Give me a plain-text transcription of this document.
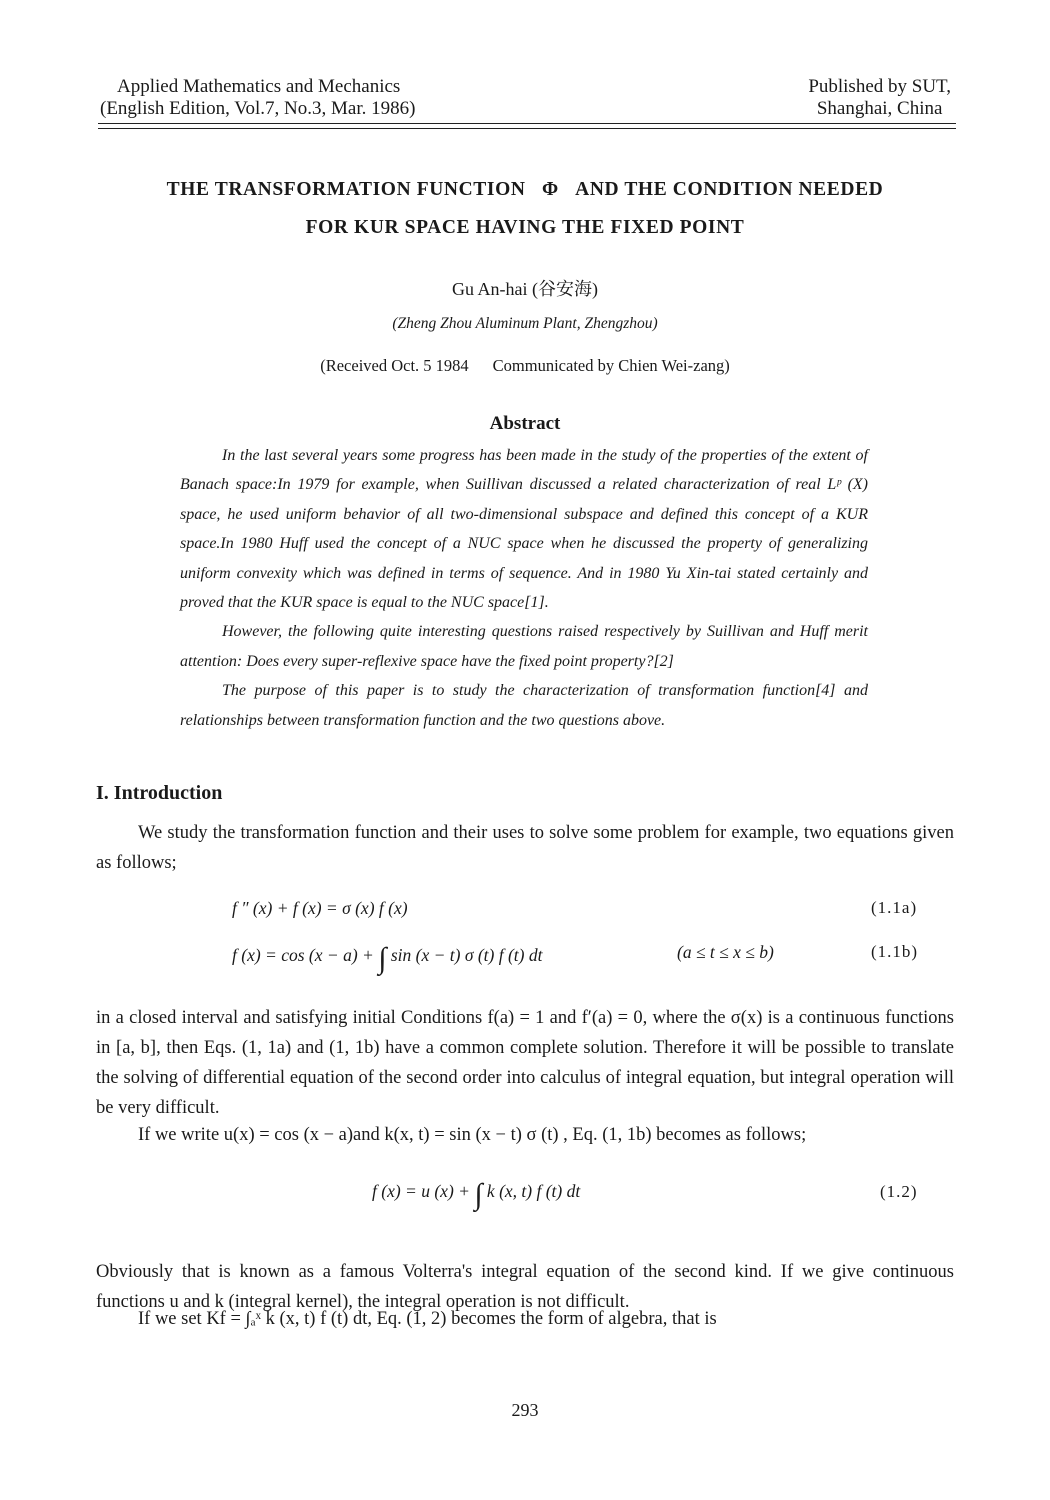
Applied Mathematics and Mechanics
(English Edition, Vol.7, No.3, Mar. 1986)
Published by SUT,
Shanghai, China
THE TRANSFORMATION FUNCTION   Φ   AND THE CONDITION NEEDED
FOR KUR SPACE HAVING THE FIXED POINT
Gu An-hai (谷安海)
(Zheng Zhou Aluminum Plant, Zhengzhou)
(Received Oct. 5 1984 Communicated by Chien Wei-zang)
Abstract

In the last several years some progress has been made in the study of the properties of the extent of Banach space:In 1979 for example, when Suillivan discussed a related characterization of real Lᵖ (X) space, he used uniform behavior of all two-dimensional subspace and defined this concept of a KUR space.In 1980 Huff used the concept of a NUC space when he discussed the property of generalizing uniform convexity which was defined in terms of sequence. And in 1980 Yu Xin-tai stated certainly and proved that the KUR space is equal to the NUC space[1].

However, the following quite interesting questions raised respectively by Suillivan and Huff merit attention: Does every super-reflexive space have the fixed point property?[2]

The purpose of this paper is to study the characterization of transformation function[4] and relationships between transformation function and the two questions above.

I. Introduction

We study the transformation function and their uses to solve some problem for example, two equations given as follows;

f ″ (x) + f (x) = σ (x) f (x)	(1.1a)
f (x) = cos (x − a) + ∫ sin (x − t) σ (t) f (t) dt	(a ≤ t ≤ x ≤ b)	(1.1b)

in a closed interval and satisfying initial Conditions f(a) = 1 and f′(a) = 0, where the σ(x) is a continuous functions in [a, b], then Eqs. (1, 1a) and (1, 1b) have a common complete solution. Therefore it will be possible to translate the solving of differential equation of the second order into calculus of integral equation, but integral operation will be very difficult.

If we write u(x) = cos (x − a)and k(x, t) = sin (x − t) σ (t) , Eq. (1, 1b) becomes as follows;
f (x) = u (x) + ∫ k (x, t) f (t) dt	(1.2)

Obviously that is known as a famous Volterra's integral equation of the second kind. If we give continuous functions u and k (integral kernel), the integral operation is not difficult.

If we set Kf = ∫ₐˣ k (x, t) f (t) dt, Eq. (1, 2) becomes the form of algebra, that is
293
